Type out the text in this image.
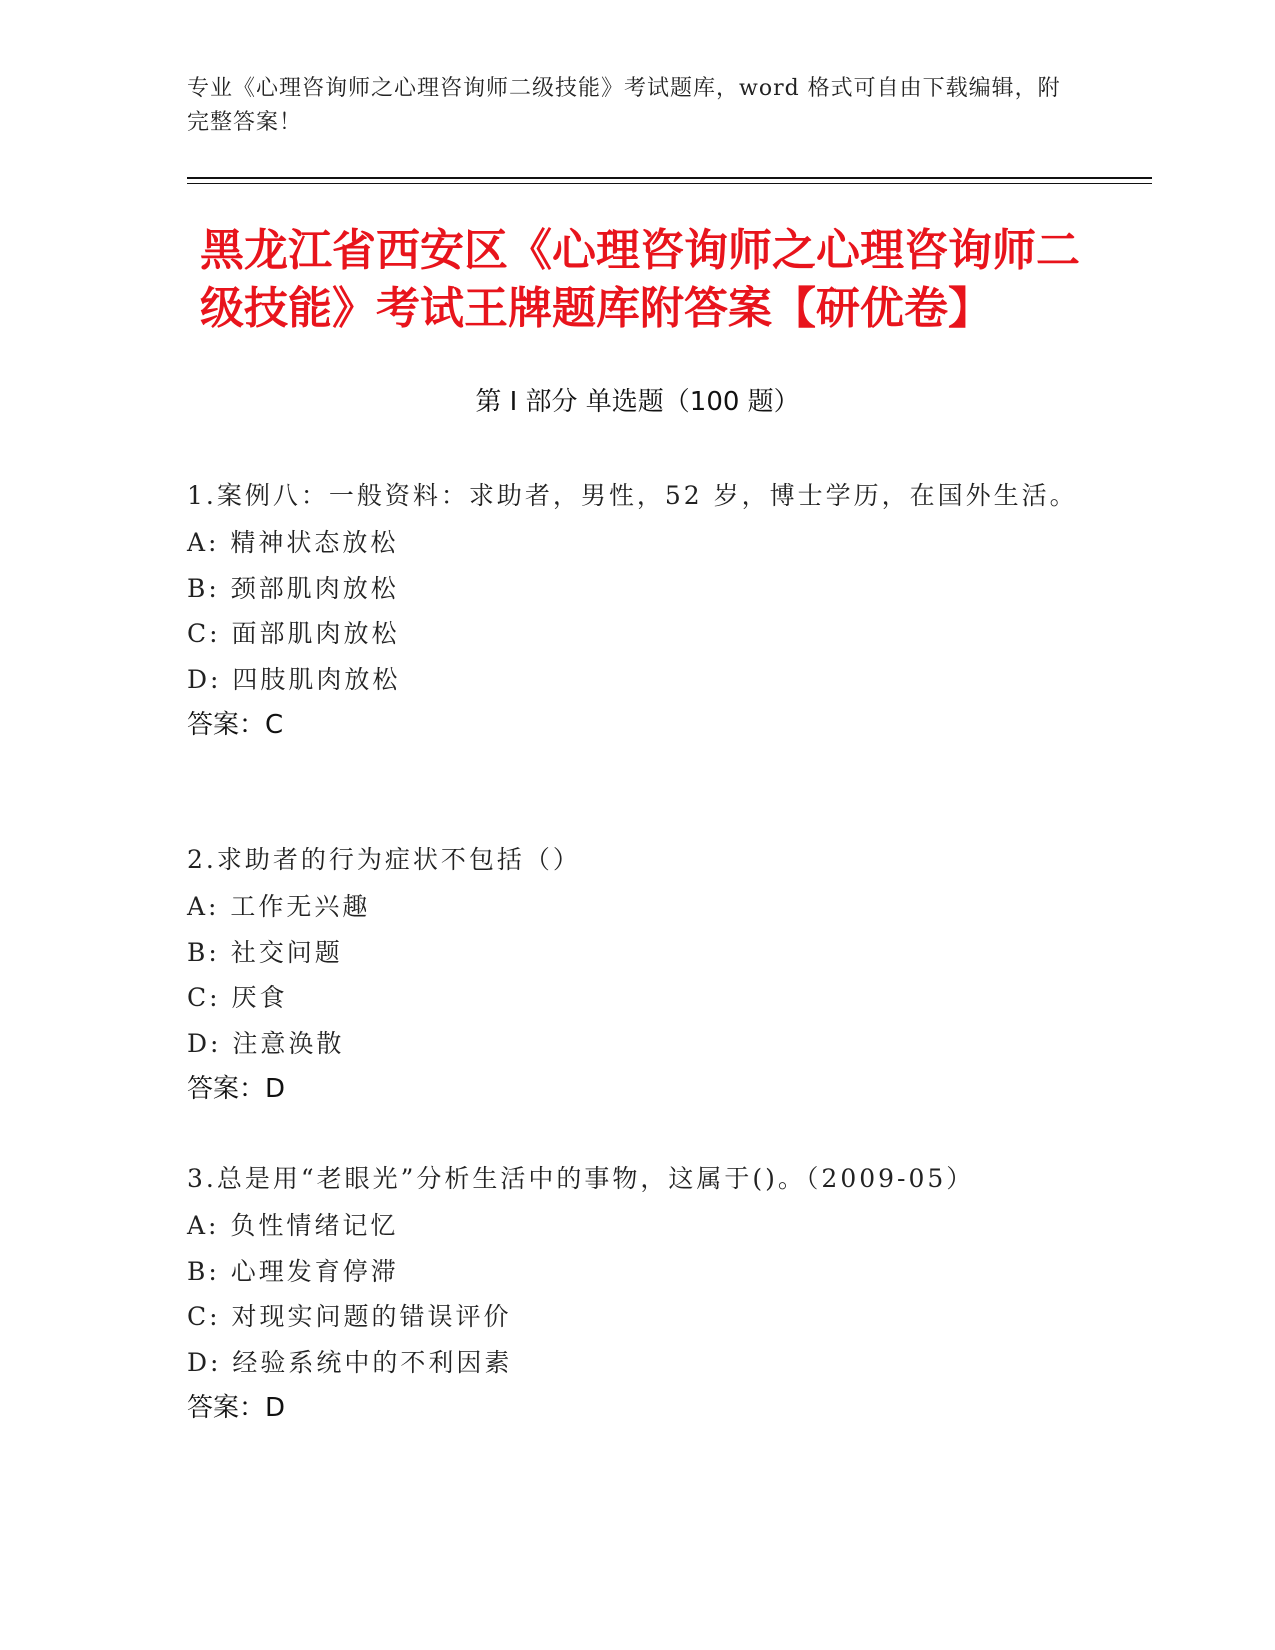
专业《心理咨询师之心理咨询师二级技能》考试题库，word 格式可自由下载编辑，附完整答案！
黑龙江省西安区《心理咨询师之心理咨询师二级技能》考试王牌题库附答案【研优卷】
第 I 部分 单选题（100 题）
1.案例八：一般资料：求助者，男性，52 岁，博士学历，在国外生活。
A: 精神状态放松
B: 颈部肌肉放松
C: 面部肌肉放松
D: 四肢肌肉放松
答案：C
2.求助者的行为症状不包括（）
A: 工作无兴趣
B: 社交问题
C: 厌食
D: 注意涣散
答案：D
3.总是用“老眼光”分析生活中的事物，这属于()。（2009-05）
A: 负性情绪记忆
B: 心理发育停滞
C: 对现实问题的错误评价
D: 经验系统中的不利因素
答案：D
